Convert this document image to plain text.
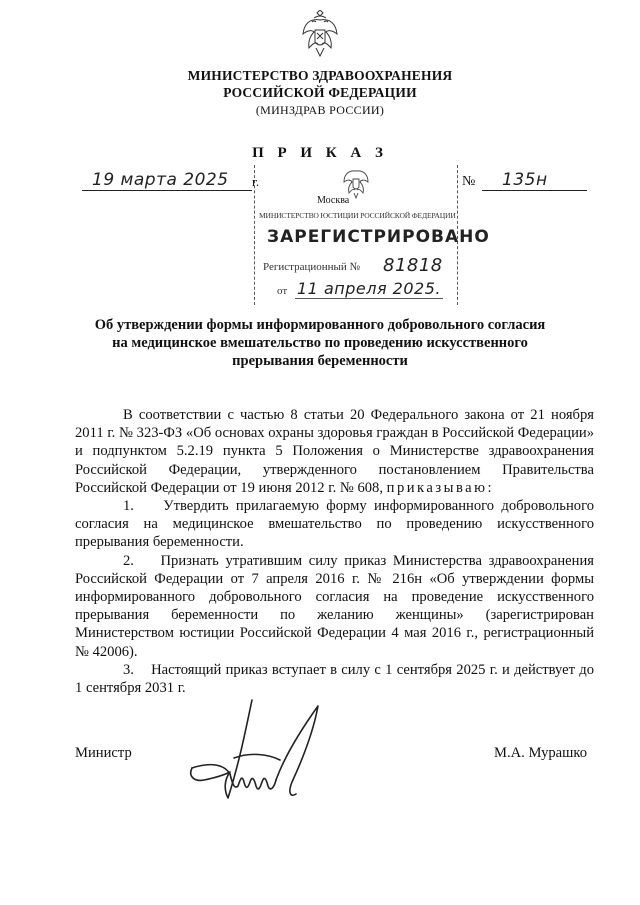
МИНИСТЕРСТВО ЗДРАВООХРАНЕНИЯ
РОССИЙСКОЙ ФЕДЕРАЦИИ
(МИНЗДРАВ РОССИИ)
П Р И К А З
19 марта 2025 г.	№ 135н
Москва
МИНИСТЕРСТВО ЮСТИЦИИ РОССИЙСКОЙ ФЕДЕРАЦИИ
ЗАРЕГИСТРИРОВАНО
Регистрационный № 81818
от 11 апреля 2025.
Об утверждении формы информированного добровольного согласия
на медицинское вмешательство по проведению искусственного
прерывания беременности

В соответствии с частью 8 статьи 20 Федерального закона от 21 ноября 2011 г. № 323-ФЗ «Об основах охраны здоровья граждан в Российской Федерации» и подпунктом 5.2.19 пункта 5 Положения о Министерстве здравоохранения Российской Федерации, утвержденного постановлением Правительства Российской Федерации от 19 июня 2012 г. № 608, приказываю:

1. Утвердить прилагаемую форму информированного добровольного согласия на медицинское вмешательство по проведению искусственного прерывания беременности.

2. Признать утратившим силу приказ Министерства здравоохранения Российской Федерации от 7 апреля 2016 г. № 216н «Об утверждении формы информированного добровольного согласия на проведение искусственного прерывания беременности по желанию женщины» (зарегистрирован Министерством юстиции Российской Федерации 4 мая 2016 г., регистрационный № 42006).

3. Настоящий приказ вступает в силу с 1 сентября 2025 г. и действует до 1 сентября 2031 г.

Министр	М.А. Мурашко
